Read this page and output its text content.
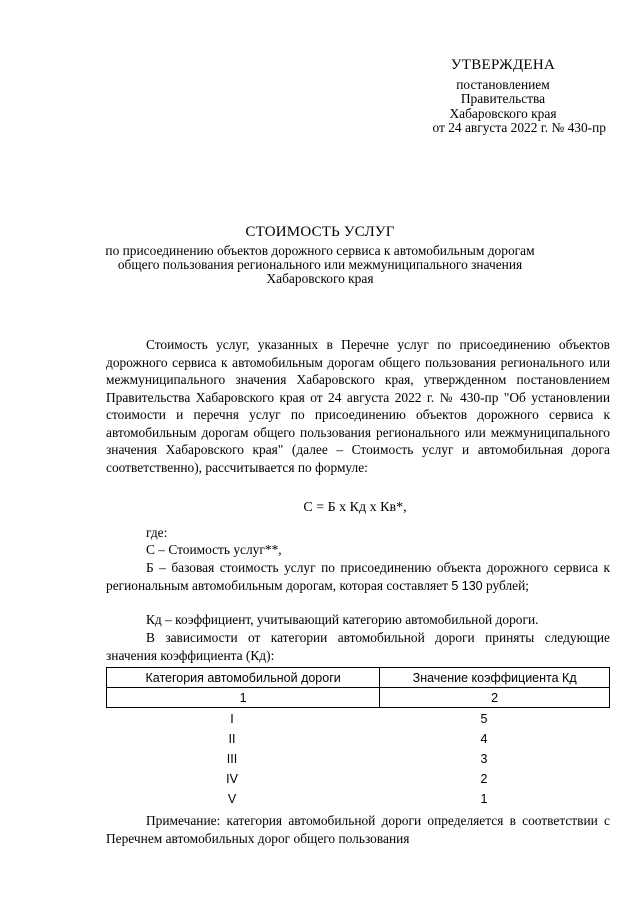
УТВЕРЖДЕНА
постановлением
Правительства
Хабаровского края
от 24 августа 2022 г. № 430-пр
СТОИМОСТЬ УСЛУГ
по присоединению объектов дорожного сервиса к автомобильным дорогам
общего пользования регионального или межмуниципального значения
Хабаровского края
Стоимость услуг, указанных в Перечне услуг по присоединению объектов дорожного сервиса к автомобильным дорогам общего пользования регионального или межмуниципального значения Хабаровского края, утвержденном постановлением Правительства Хабаровского края от 24 августа 2022 г. № 430-пр "Об установлении стоимости и перечня услуг по присоединению объектов дорожного сервиса к автомобильным дорогам общего пользования регионального или межмуниципального значения Хабаровского края" (далее – Стоимость услуг и автомобильная дорога соответственно), рассчитывается по формуле:
С = Б х Кд х Кв*,
где:
С – Стоимость услуг**,
Б – базовая стоимость услуг по присоединению объекта дорожного сервиса к региональным автомобильным дорогам, которая составляет 5 130 рублей;
Кд – коэффициент, учитывающий категорию автомобильной дороги.
В зависимости от категории автомобильной дороги приняты следующие значения коэффициента (Кд):
Категория автомобильной дороги	Значение коэффициента Кд
1	2
I	5
II	4
III	3
IV	2
V	1
Примечание: категория автомобильной дороги определяется в соответствии с Перечнем автомобильных дорог общего пользования
